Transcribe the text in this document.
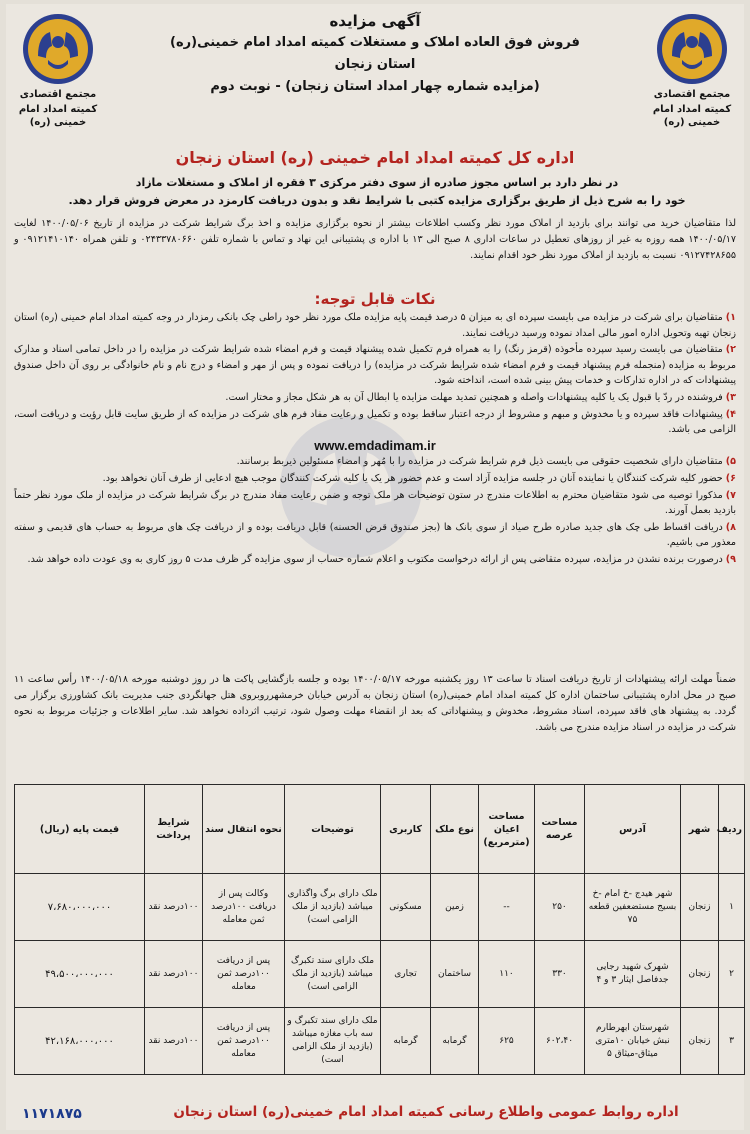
مجتمع اقتصادی
کمیته امداد امام خمینی (ره)
مجتمع اقتصادی
کمیته امداد امام خمینی (ره)
آگهی مزایده
فروش فوق العاده املاک و مستغلات کمیته امداد امام خمینی(ره)
استان زنجان
(مزایده شماره چهار امداد استان زنجان) - نوبت دوم
اداره کل کمیته امداد امام خمینی (ره) استان زنجان
در نظر دارد بر اساس مجوز صادره از سوی دفتر مرکزی ۳ فقره از املاک و مستغلات مازاد
خود را به شرح ذیل از طریق برگزاری مزایده کتبی با شرایط نقد و بدون دریافت کارمزد در معرض فروش قرار دهد.
لذا متقاضیان خرید می توانند برای بازدید از املاک مورد نظر وکسب اطلاعات بیشتر از نحوه برگزاری مزایده و اخذ برگ شرایط شرکت در مزایده از تاریخ ۱۴۰۰/۰۵/۰۶ لغایت ۱۴۰۰/۰۵/۱۷ همه روزه به غیر از روزهای تعطیل در ساعات اداری ۸ صبح الی ۱۳ با اداره ی پشتیبانی این نهاد و تماس با شماره تلفن ۰۲۴۳۳۷۸۰۶۶۰ و تلفن همراه ۰۹۱۲۱۴۱۰۱۴۰ و ۰۹۱۲۷۴۲۸۶۵۵ نسبت به بازدید از املاک مورد نظر خود اقدام نمایند.
نکات قابل توجه:
۱)متقاضیان برای شرکت در مزایده می بایست سپرده ای به میزان ۵ درصد قیمت پایه مزایده ملک مورد نظر خود راطی چک بانکی رمزدار در وجه کمیته امداد امام خمینی (ره) استان زنجان تهیه وتحویل اداره امور مالی امداد نموده ورسید دریافت نمایند.
۲)متقاضیان می بایست رسید سپرده مأخوذه (قرمز رنگ) را به همراه فرم تکمیل شده پیشنهاد قیمت و فرم امضاء شده شرایط شرکت در مزایده را در داخل تمامی اسناد و مدارک مربوط به مزایده (منجمله فرم پیشنهاد قیمت و فرم امضاء شده شرایط شرکت در مزایده) را دریافت نموده و پس از مهر و امضاء و درج نام و نام خانوادگی بر روی آن داخل صندوق پیشنهادات که در اداره تدارکات و خدمات پیش بینی شده است، انداخته شود.
۳)فروشنده در ردّ یا قبول یک یا کلیه پیشنهادات واصله و همچنین تمدید مهلت مزایده یا ابطال آن به هر شکل مجاز و مختار است.
۴)پیشنهادات فاقد سپرده و یا مخدوش و مبهم و مشروط از درجه اعتبار ساقط بوده و تکمیل و رعایت مفاد فرم های شرکت در مزایده که از طریق سایت قابل رؤیت و دریافت است، الزامی می باشد.
www.emdadimam.ir
۵)متقاضیان دارای شخصیت حقوقی می بایست ذیل فرم شرایط شرکت در مزایده را با مُهر و امضاء مسئولین ذیربط برسانند.
۶)حضور کلیه شرکت کنندگان یا نماینده آنان در جلسه مزایده آزاد است و عدم حضور هر یک یا کلیه شرکت کنندگان موجب هیچ ادعایی از طرف آنان نخواهد بود.
۷)مذکورا توصیه می شود متقاضیان محترم به اطلاعات مندرج در ستون توضیحات هر ملک توجه و ضمن رعایت مفاد مندرج در برگ شرایط شرکت در مزایده از ملک مورد نظر حتماً بازدید بعمل آورند.
۸)دریافت اقساط طی چک های جدید صادره طرح صیاد از سوی بانک ها (بجز صندوق قرض الحسنه) قابل دریافت بوده و از دریافت چک های مربوط به حساب های قدیمی و سفته معذور می باشیم.
۹)درصورت برنده نشدن در مزایده، سپرده متقاضی پس از ارائه درخواست مکتوب و اعلام شماره حساب از سوی مزایده گر ظرف مدت ۵ روز کاری به وی عودت داده خواهد شد.
ضمناً مهلت ارائه پیشنهادات از تاریخ دریافت اسناد تا ساعت ۱۳ روز یکشنبه مورخه ۱۴۰۰/۰۵/۱۷ بوده و جلسه بازگشایی پاکت ها در روز دوشنبه مورخه ۱۴۰۰/۰۵/۱۸ رأس ساعت ۱۱ صبح در محل اداره پشتیبانی ساختمان اداره کل کمیته امداد امام خمینی(ره) استان زنجان به آدرس خیابان خرمشهرروبروی هتل جهانگردی جنب مدیریت بانک کشاورزی برگزار می گردد. به پیشنهاد های فاقد سپرده، اسناد مشروط، مخدوش و پیشنهاداتی که بعد از انقضاء مهلت وصول شود، ترتیب اثرداده نخواهد شد. سایر اطلاعات و جزئیات مربوط به نحوه شرکت در مزایده در اسناد مزایده مندرج می باشد.
ردیف	شهر	آدرس	مساحت عرصه	مساحت اعیان (مترمربع)	نوع ملک	کاربری	توضیحات	نحوه انتقال سند	شرایط پرداخت	قیمت پایه (ریال)
۱	زنجان	شهر هیدج -خ امام -خ بسیج مستضعفین قطعه ۷۵	۲۵۰	--	زمین	مسکونی	ملک دارای برگ واگذاری میباشد (بازدید از ملک الزامی است)	وکالت پس از دریافت ۱۰۰درصد ثمن معامله	۱۰۰درصد نقد	۷،۶۸۰،۰۰۰،۰۰۰
۲	زنجان	شهرک شهید رجایی جدفاصل ایثار ۳ و ۴	۳۳۰	۱۱۰	ساختمان	تجاری	ملک دارای سند تکبرگ میباشد (بازدید از ملک الزامی است)	پس از دریافت ۱۰۰درصد ثمن معامله	۱۰۰درصد نقد	۴۹،۵۰۰،۰۰۰،۰۰۰
۳	زنجان	شهرستان ابهرطارم نبش خیابان ۱۰متری میثاق-میثاق ۵	۶۰۲،۴۰	۶۲۵	گرمابه	گرمابه	ملک دارای سند تکبرگ و سه باب مغازه میباشد (بازدید از ملک الزامی است)	پس از دریافت ۱۰۰درصد ثمن معامله	۱۰۰درصد نقد	۴۲،۱۶۸،۰۰۰،۰۰۰
اداره روابط عمومی واطلاع رسانی کمیته امداد امام خمینی(ره) استان زنجان
۱۱۷۱۸۷۵
